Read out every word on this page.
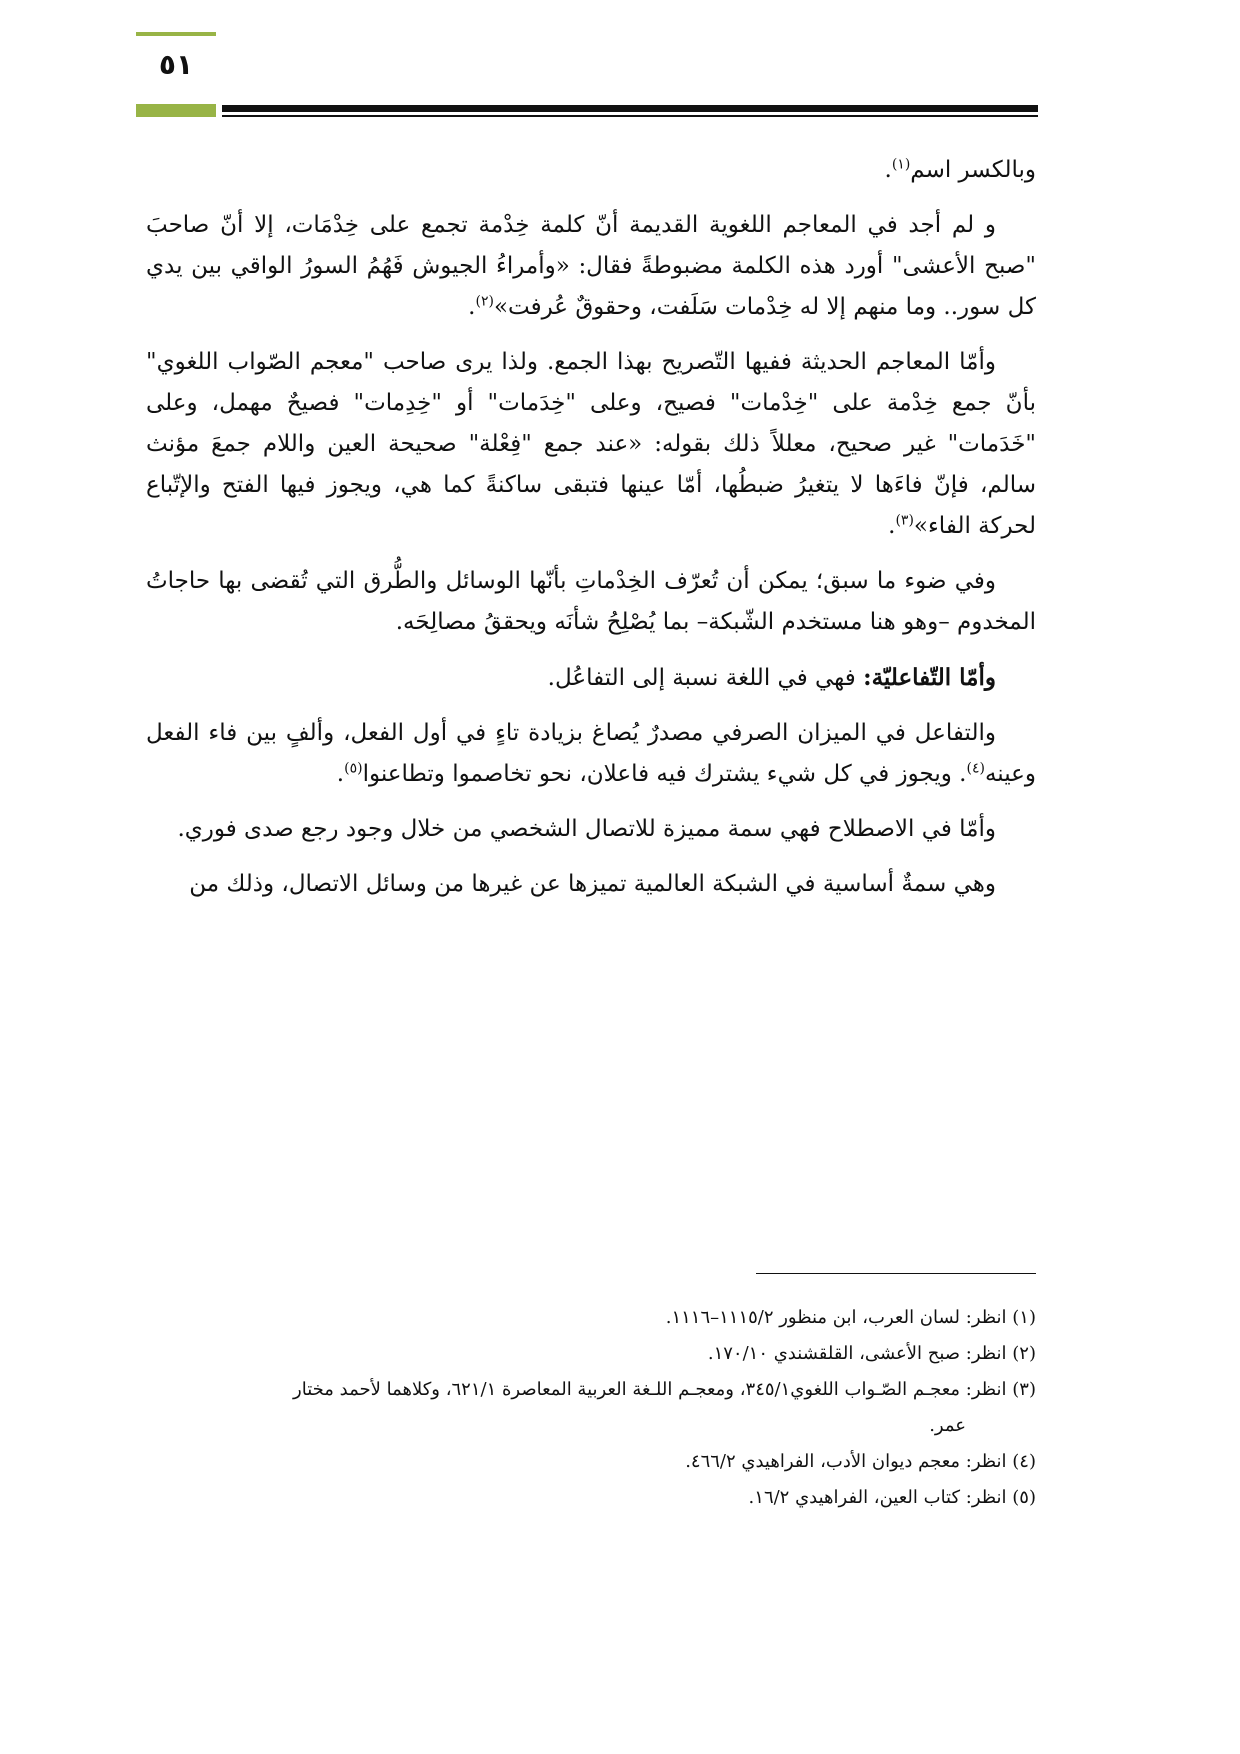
٥١

وبالكسر اسم$^{(١)}$.

و لم أجد في المعاجم اللغوية القديمة أنّ كلمة خِدْمة تجمع على خِدْمَات، إلا أنّ صاحبَ "صبح الأعشى" أورد هذه الكلمة مضبوطةً فقال: «وأمراءُ الجيوش فَهُمُ السورُ الواقي بين يدي كل سور.. وما منهم إلا له خِدْمات سَلَفت، وحقوقٌ عُرفت»$^{(٢)}$.

وأمّا المعاجم الحديثة ففيها التّصريح بهذا الجمع. ولذا يرى صاحب "معجم الصّواب اللغوي" بأنّ جمع خِدْمة على "خِدْمات" فصيح، وعلى "خِدَمات" أو "خِدِمات" فصيحٌ مهمل، وعلى "خَدَمات" غير صحيح، معللاً ذلك بقوله: «عند جمع "فِعْلة" صحيحة العين واللام جمعَ مؤنث سالم، فإنّ فاءَها لا يتغيرُ ضبطُها، أمّا عينها فتبقى ساكنةً كما هي، ويجوز فيها الفتح والإتّباع لحركة الفاء»$^{(٣)}$.

وفي ضوء ما سبق؛ يمكن أن تُعرّف الخِدْماتِ بأنّها الوسائل والطُّرق التي تُقضى بها حاجاتُ المخدوم –وهو هنا مستخدم الشّبكة– بما يُصْلِحُ شأنَه ويحققُ مصالِحَه.

وأمّا التّفاعليّة: فهي في اللغة نسبة إلى التفاعُل.

والتفاعل في الميزان الصرفي مصدرٌ يُصاغ بزيادة تاءٍ في أول الفعل، وألفٍ بين فاء الفعل وعينه$^{(٤)}$. ويجوز في كل شيء يشترك فيه فاعلان، نحو تخاصموا وتطاعنوا$^{(٥)}$.

وأمّا في الاصطلاح فهي سمة مميزة للاتصال الشخصي من خلال وجود رجع صدى فوري.

وهي سمةٌ أساسية في الشبكة العالمية تميزها عن غيرها من وسائل الاتصال، وذلك من

(١) انظر: لسان العرب، ابن منظور ١١١٥/٢–١١١٦.

(٢) انظر: صبح الأعشى، القلقشندي ١٧٠/١٠.

(٣) انظر: معجـم الصّـواب اللغوي٣٤٥/١، ومعجـم اللـغة العربية المعاصرة ٦٢١/١، وكلاهما لأحمد مختار

عمر.

(٤) انظر: معجم ديوان الأدب، الفراهيدي ٤٦٦/٢.

(٥) انظر: كتاب العين، الفراهيدي ١٦/٢.
